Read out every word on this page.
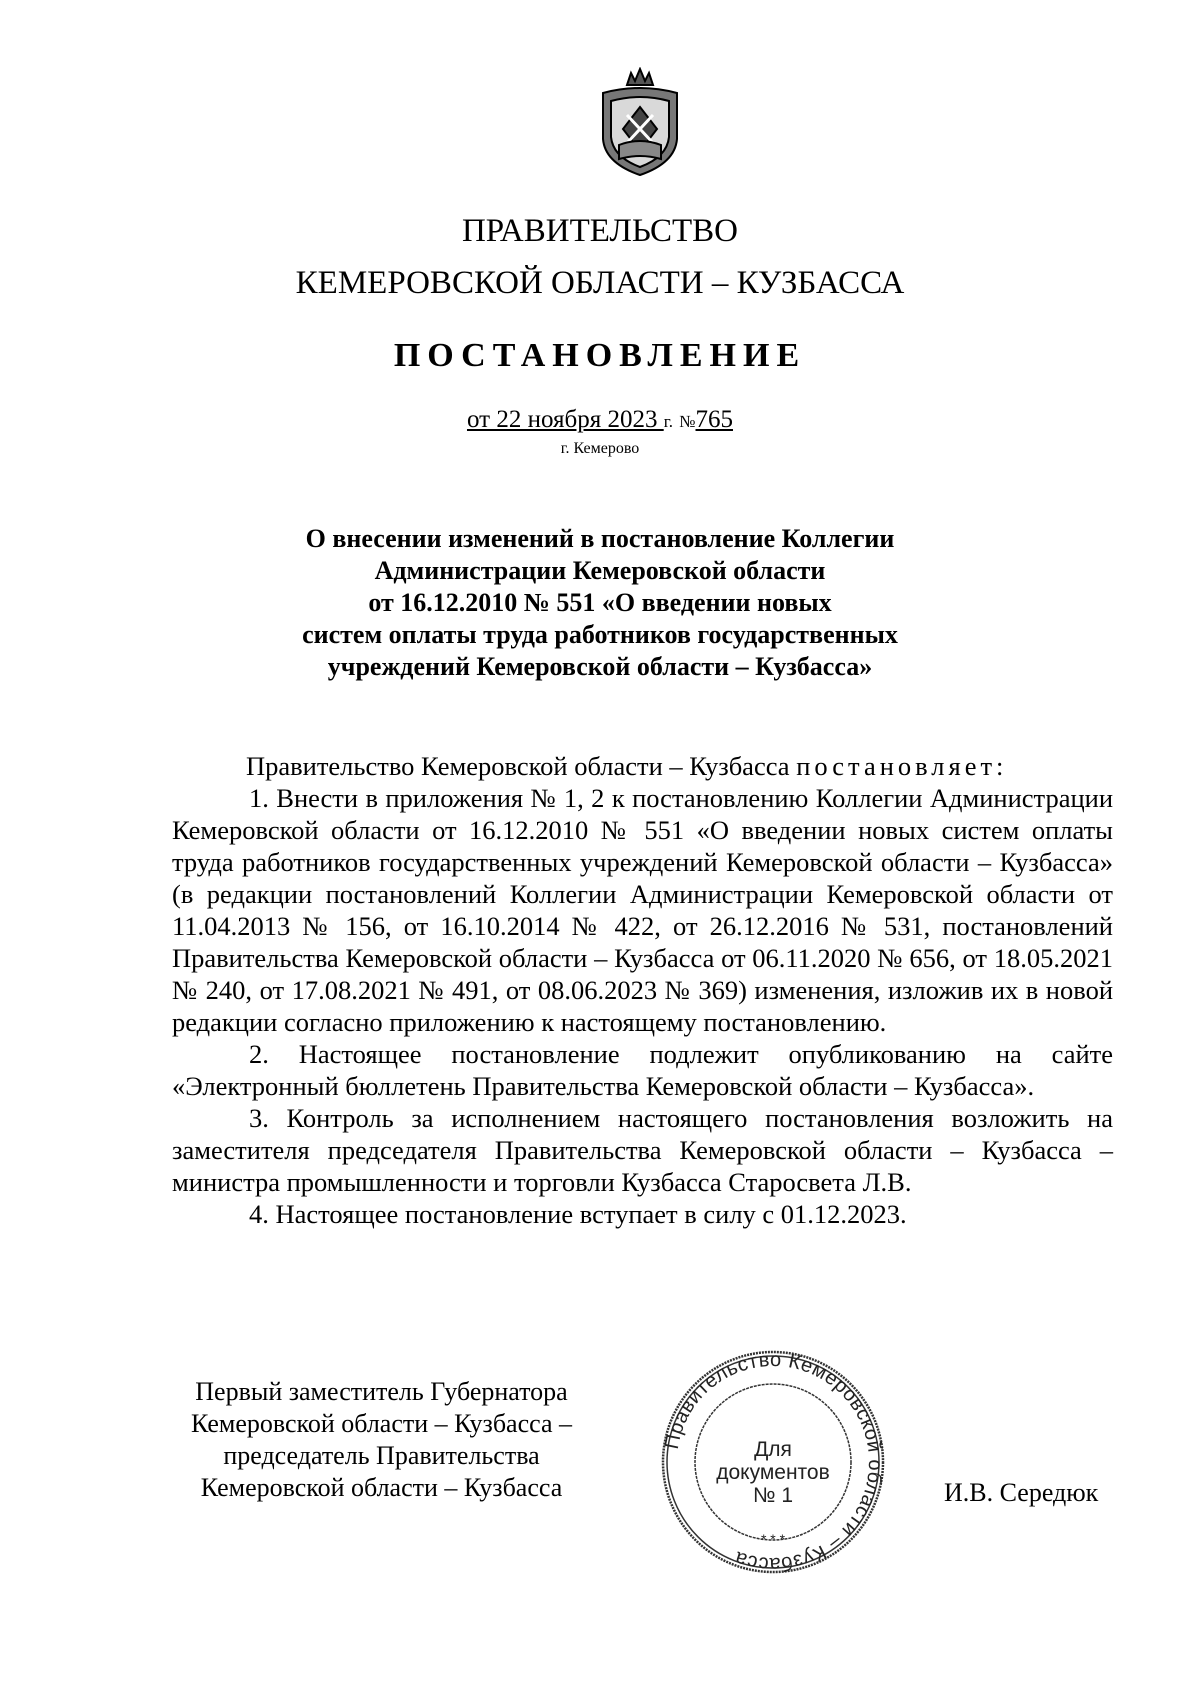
ПРАВИТЕЛЬСТВО
КЕМЕРОВСКОЙ ОБЛАСТИ – КУЗБАССА
ПОСТАНОВЛЕНИЕ
от 22 ноября 2023 г. №765
г. Кемерово
О внесении изменений в постановление Коллегии
Администрации Кемеровской области
от 16.12.2010 № 551 «О введении новых
систем оплаты труда работников государственных
учреждений Кемеровской области – Кузбасса»

Правительство Кемеровской области – Кузбасса постановляет:

1. Внести в приложения № 1, 2 к постановлению Коллегии Администрации Кемеровской области от 16.12.2010 № 551 «О введении новых систем оплаты труда работников государственных учреждений Кемеровской области – Кузбасса» (в редакции постановлений Коллегии Администрации Кемеровской области от 11.04.2013 № 156, от 16.10.2014 № 422, от 26.12.2016 № 531, постановлений Правительства Кемеровской области – Кузбасса от 06.11.2020 № 656, от 18.05.2021 № 240, от 17.08.2021 № 491, от 08.06.2023 № 369) изменения, изложив их в новой редакции согласно приложению к настоящему постановлению.

2. Настоящее постановление подлежит опубликованию на сайте «Электронный бюллетень Правительства Кемеровской области – Кузбасса».

3. Контроль за исполнением настоящего постановления возложить на заместителя председателя Правительства Кемеровской области – Кузбасса – министра промышленности и торговли Кузбасса Старосвета Л.В.

4. Настоящее постановление вступает в силу с 01.12.2023.

Первый заместитель Губернатора
Кемеровской области – Кузбасса –
председатель Правительства
Кемеровской области – Кузбасса
Правительство Кемеровской области – Кузбасса
* * *
Для
документов
№ 1	И.В. Середюк
